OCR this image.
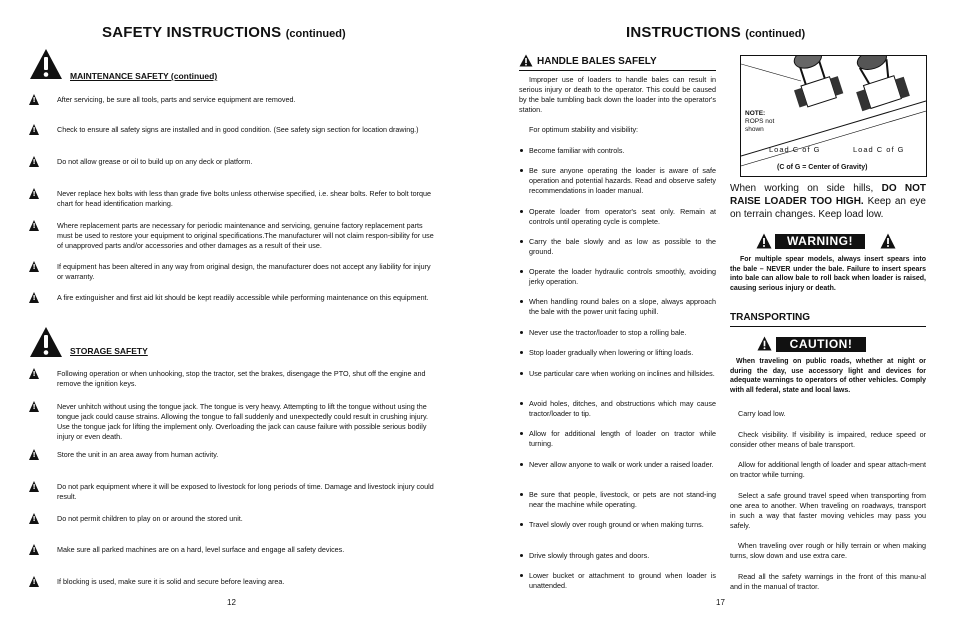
SAFETY INSTRUCTIONS (continued)
MAINTENANCE SAFETY (continued)
!
After servicing, be sure all tools, parts and service equipment are removed.
!
Check to ensure all safety signs are installed and in good condition. (See safety sign section for location drawing.)
!
Do not allow grease or oil to build up on any deck or platform.
!
Never replace hex bolts with less than grade five bolts unless otherwise specified, i.e. shear bolts. Refer to bolt torque chart for head identification marking.
!
Where replacement parts are necessary for periodic maintenance and servicing, genuine factory replacement parts must be used to restore your equipment to original specifications.The manufacturer will not claim respon-sibility for use of unapproved parts and/or accessories and other damages as a result of their use.
!
If equipment has been altered in any way from original design, the manufacturer does not accept any liability for injury or warranty.
!
A fire extinguisher and first aid kit should be kept readily accessible while performing maintenance on this equipment.
STORAGE SAFETY
!
Following operation or when unhooking, stop the tractor, set the brakes, disengage the PTO, shut off the engine and remove the ignition keys.
!
Never unhitch without using the tongue jack. The tongue is very heavy. Attempting to lift the tongue without using the tongue jack could cause strains. Allowing the tongue to fall suddenly and unexpectedly could result in crushing injury. Use the tongue jack for lifting the implement only. Overloading the jack can cause failure with possible serious bodily injury or even death.
!
Store the unit in an area away from human activity.
!
Do not park equipment where it will be exposed to livestock for long periods of time. Damage and livestock injury could result.
!
Do not permit children to play on or around the stored unit.
!
Make sure all parked machines are on a hard, level surface and engage all safety devices.
!
If blocking is used, make sure it is solid and secure before leaving area.
12
INSTRUCTIONS (continued)
HANDLE BALES SAFELY
Improper use of loaders to handle bales can result in serious injury or death to the operator. This could be caused by the bale tumbling back down the loader into the operator's station.
For optimum stability and visibility:
Become familiar with controls.
Be sure anyone operating the loader is aware of safe operation and potential hazards. Read and observe safety recommendations in loader manual.
Operate loader from operator's seat only. Remain at controls until operating cycle is complete.
Carry the bale slowly and as low as possible to the ground.
Operate the loader hydraulic controls smoothly, avoiding jerky operation.
When handling round bales on a slope, always approach the bale with the power unit facing uphill.
Never use the tractor/loader to stop a rolling bale.
Stop loader gradually when lowering or lifting loads.
Use particular care when working on inclines and hillsides.
Avoid holes, ditches, and obstructions which may cause tractor/loader to tip.
Allow for additional length of loader on tractor while turning.
Never allow anyone to walk or work under a raised loader.
Be sure that people, livestock, or pets are not stand-ing near the machine while operating.
Travel slowly over rough ground or when making turns.
Drive slowly through gates and doors.
Lower bucket or attachment to ground when loader is unattended.
NOTE:
ROPS not
shown
Load C of G	Load C of G
(C of G = Center of Gravity)
When working on side hills, DO NOT RAISE LOADER TOO HIGH. Keep an eye on terrain changes. Keep load low.
WARNING!
For multiple spear models, always insert spears into the bale – NEVER under the bale. Failure to insert spears into bale can allow bale to roll back when loader is raised, causing serious injury or death.
TRANSPORTING
CAUTION!
When traveling on public roads, whether at night or during the day, use accessory light and devices for adequate warnings to operators of other vehicles. Comply with all federal, state and local laws.
Carry load low.
Check visibility. If visibility is impaired, reduce speed or consider other means of bale transport.
Allow for additional length of loader and spear attach-ment on tractor while turning.
Select a safe ground travel speed when transporting from one area to another. When traveling on roadways, transport in such a way that faster moving vehicles may pass you safely.
When traveling over rough or hilly terrain or when making turns, slow down and use extra care.
Read all the safety warnings in the front of this manu-al and in the manual of tractor.
17
